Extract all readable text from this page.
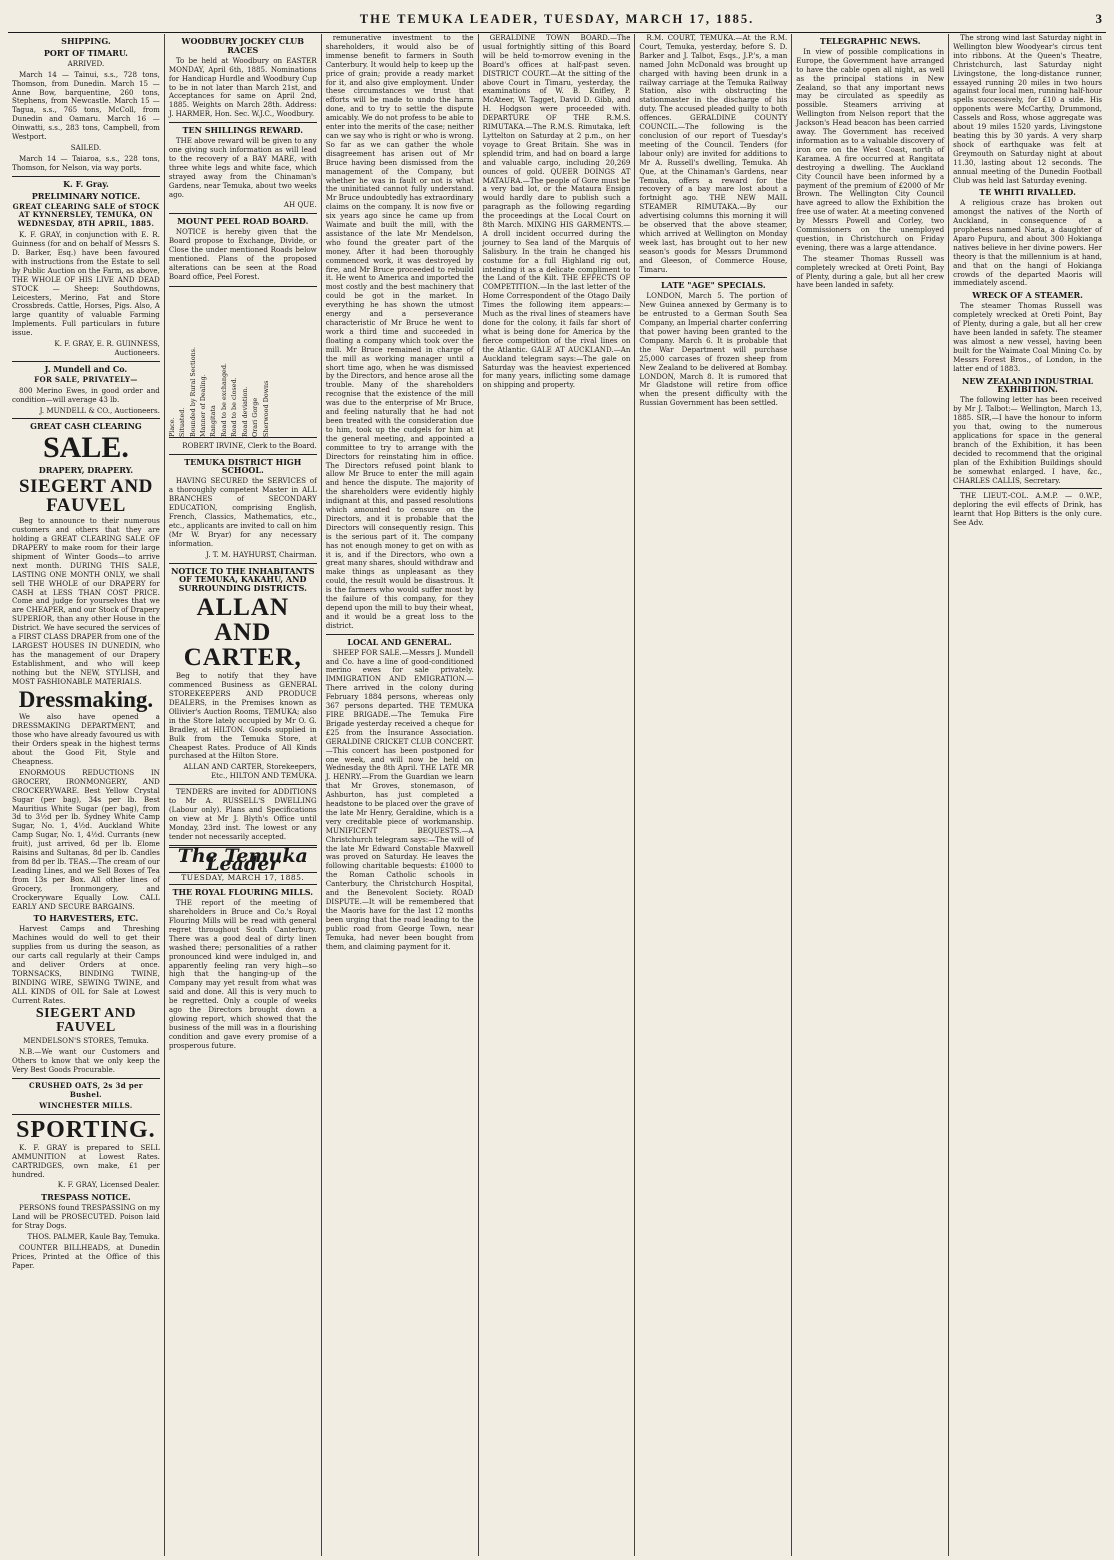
THE TEMUKA LEADER, TUESDAY, MARCH 17, 1885.	3
SHIPPING.
PORT OF TIMARU.

ARRIVED.

March 14 — Tainui, s.s., 728 tons, Thomson, from Dunedin. March 15 — Anne Bow, barquentine, 260 tons, Stephens, from Newcastle. March 15 — Tagua, s.s., 765 tons, McColl, from Dunedin and Oamaru. March 16 — Oinwatti, s.s., 283 tons, Campbell, from Westport.

SAILED.

March 14 — Taiaroa, s.s., 228 tons, Thomson, for Nelson, via way ports.

K. F. Gray.
PRELIMINARY NOTICE.

GREAT CLEARING SALE of STOCK AT KYNNERSLEY, TEMUKA, ON WEDNESDAY, 8TH APRIL, 1885.

K. F. GRAY, in conjunction with E. R. Guinness (for and on behalf of Messrs S. D. Barker, Esq.) have been favoured with instructions from the Estate to sell by Public Auction on the Farm, as above, THE WHOLE OF HIS LIVE AND DEAD STOCK — Sheep: Southdowns, Leicesters, Merino, Fat and Store Crossbreds. Cattle, Horses, Pigs. Also, A large quantity of valuable Farming Implements. Full particulars in future issue.

K. F. GRAY, E. R. GUINNESS, Auctioneers.

J. Mundell and Co.

FOR SALE, PRIVATELY—

800 Merino Ewes, in good order and condition—will average 43 lb.

J. MUNDELL & CO., Auctioneers.

GREAT CASH CLEARING
SALE.
DRAPERY, DRAPERY.
SIEGERT AND FAUVEL

Beg to announce to their numerous customers and others that they are holding a GREAT CLEARING SALE OF DRAPERY to make room for their large shipment of Winter Goods—to arrive next month. DURING THIS SALE, LASTING ONE MONTH ONLY, we shall sell THE WHOLE of our DRAPERY for CASH at LESS THAN COST PRICE. Come and judge for yourselves that we are CHEAPER, and our Stock of Drapery SUPERIOR, than any other House in the District. We have secured the services of a FIRST CLASS DRAPER from one of the LARGEST HOUSES IN DUNEDIN, who has the management of our Drapery Establishment, and who will keep nothing but the NEW, STYLISH, and MOST FASHIONABLE MATERIALS.

Dressmaking.

We also have opened a DRESSMAKING DEPARTMENT, and those who have already favoured us with their Orders speak in the highest terms about the Good Fit, Style and Cheapness.

ENORMOUS REDUCTIONS IN GROCERY, IRONMONGERY, AND CROCKERYWARE. Best Yellow Crystal Sugar (per bag), 34s per lb. Best Mauritius White Sugar (per bag), from 3d to 3½d per lb. Sydney White Camp Sugar, No. 1, 4½d. Auckland White Camp Sugar, No. 1, 4½d. Currants (new fruit), just arrived, 6d per lb. Elome Raisins and Sultanas, 8d per lb. Candles from 8d per lb. TEAS.—The cream of our Leading Lines, and we Sell Boxes of Tea from 13s per Box. All other lines of Grocery, Ironmongery, and Crockeryware Equally Low. CALL EARLY AND SECURE BARGAINS.

TO HARVESTERS, ETC.

Harvest Camps and Threshing Machines would do well to get their supplies from us during the season, as our carts call regularly at their Camps and deliver Orders at once. TORNSACKS, BINDING TWINE, BINDING WIRE, SEWING TWINE, and ALL KINDS of OIL for Sale at Lowest Current Rates.

SIEGERT AND FAUVEL

MENDELSON'S STORES, Temuka.

N.B.—We want our Customers and Others to know that we only keep the Very Best Goods Procurable.

CRUSHED OATS, 2s 3d per Bushel.

WINCHESTER MILLS.

SPORTING.

K. F. GRAY is prepared to SELL AMMUNITION at Lowest Rates. CARTRIDGES, own make, £1 per hundred.

K. F. GRAY, Licensed Dealer.

TRESPASS NOTICE.

PERSONS found TRESPASSING on my Land will be PROSECUTED. Poison laid for Stray Dogs.

THOS. PALMER, Kaule Bay, Temuka.

COUNTER BILLHEADS, at Dunedin Prices, Printed at the Office of this Paper.

WOODBURY JOCKEY CLUB RACES

To be held at Woodbury on EASTER MONDAY, April 6th, 1885. Nominations for Handicap Hurdle and Woodbury Cup to be in not later than March 21st, and Acceptances for same on April 2nd, 1885. Weights on March 28th. Address: J. HARMER, Hon. Sec. W.J.C., Woodbury.

TEN SHILLINGS REWARD.

THE above reward will be given to any one giving such information as will lead to the recovery of a BAY MARE, with three white legs and white face, which strayed away from the Chinaman's Gardens, near Temuka, about two weeks ago.

AH QUE.

MOUNT PEEL ROAD BOARD.

NOTICE is hereby given that the Board propose to Exchange, Divide, or Close the under mentioned Roads below mentioned. Plans of the proposed alterations can be seen at the Road Board office, Peel Forest.

Place. Situated. Bounded by Rural Sections. Manner of Dealing. Rangitata Road to be exchanged. Road to be closed. Road deviation. Orari Gorge Sherwood Downs

ROBERT IRVINE, Clerk to the Board.

TEMUKA DISTRICT HIGH SCHOOL.

HAVING SECURED the SERVICES of a thoroughly competent Master in ALL BRANCHES of SECONDARY EDUCATION, comprising English, French, Classics, Mathematics, etc., etc., applicants are invited to call on him (Mr W. Bryar) for any necessary information.

J. T. M. HAYHURST, Chairman.

NOTICE TO THE INHABITANTS OF TEMUKA, KAKAHU, AND SURROUNDING DISTRICTS.
ALLAN AND CARTER,

Beg to notify that they have commenced Business as GENERAL STOREKEEPERS AND PRODUCE DEALERS, in the Premises known as Ollivier's Auction Rooms, TEMUKA; also in the Store lately occupied by Mr O. G. Bradley, at HILTON. Goods supplied in Bulk from the Temuka Store, at Cheapest Rates. Produce of All Kinds purchased at the Hilton Store.

ALLAN AND CARTER, Storekeepers, Etc., HILTON AND TEMUKA.

TENDERS are invited for ADDITIONS to Mr A. RUSSELL'S DWELLING (Labour only). Plans and Specifications on view at Mr J. Blyth's Office until Monday, 23rd inst. The lowest or any tender not necessarily accepted.

The Temuka Leader
TUESDAY, MARCH 17, 1885.
THE ROYAL FLOURING MILLS.

THE report of the meeting of shareholders in Bruce and Co.'s Royal Flouring Mills will be read with general regret throughout South Canterbury. There was a good deal of dirty linen washed there; personalities of a rather pronounced kind were indulged in, and apparently feeling ran very high—so high that the hanging-up of the Company may yet result from what was said and done. All this is very much to be regretted. Only a couple of weeks ago the Directors brought down a glowing report, which showed that the business of the mill was in a flourishing condition and gave every promise of a prosperous future.

remunerative investment to the shareholders, it would also be of immense benefit to farmers in South Canterbury. It would help to keep up the price of grain; provide a ready market for it, and also give employment. Under these circumstances we trust that efforts will be made to undo the harm done, and to try to settle the dispute amicably. We do not profess to be able to enter into the merits of the case; neither can we say who is right or who is wrong. So far as we can gather the whole disagreement has arisen out of Mr Bruce having been dismissed from the management of the Company, but whether he was in fault or not is what the uninitiated cannot fully understand. Mr Bruce undoubtedly has extraordinary claims on the company. It is now five or six years ago since he came up from Waimate and built the mill, with the assistance of the late Mr Mendelson, who found the greater part of the money. After it had been thoroughly commenced work, it was destroyed by fire, and Mr Bruce proceeded to rebuild it. He went to America and imported the most costly and the best machinery that could be got in the market. In everything he has shown the utmost energy and a perseverance characteristic of Mr Bruce he went to work a third time and succeeded in floating a company which took over the mill. Mr Bruce remained in charge of the mill as working manager until a short time ago, when he was dismissed by the Directors, and hence arose all the trouble. Many of the shareholders recognise that the existence of the mill was due to the enterprise of Mr Bruce, and feeling naturally that he had not been treated with the consideration due to him, took up the cudgels for him at the general meeting, and appointed a committee to try to arrange with the Directors for reinstating him in office. The Directors refused point blank to allow Mr Bruce to enter the mill again and hence the dispute. The majority of the shareholders were evidently highly indignant at this, and passed resolutions which amounted to censure on the Directors, and it is probable that the Directors will consequently resign. This is the serious part of it. The company has not enough money to get on with as it is, and if the Directors, who own a great many shares, should withdraw and make things as unpleasant as they could, the result would be disastrous. It is the farmers who would suffer most by the failure of this company, for they depend upon the mill to buy their wheat, and it would be a great loss to the district.

LOCAL AND GENERAL.

SHEEP FOR SALE.—Messrs J. Mundell and Co. have a line of good-conditioned merino ewes for sale privately. IMMIGRATION AND EMIGRATION.—There arrived in the colony during February 1884 persons, whereas only 367 persons departed. THE TEMUKA FIRE BRIGADE.—The Temuka Fire Brigade yesterday received a cheque for £25 from the Insurance Association. GERALDINE CRICKET CLUB CONCERT.—This concert has been postponed for one week, and will now be held on Wednesday the 8th April. THE LATE MR J. HENRY.—From the Guardian we learn that Mr Groves, stonemason, of Ashburton, has just completed a headstone to be placed over the grave of the late Mr Henry, Geraldine, which is a very creditable piece of workmanship. MUNIFICENT BEQUESTS.—A Christchurch telegram says:—The will of the late Mr Edward Constable Maxwell was proved on Saturday. He leaves the following charitable bequests: £1000 to the Roman Catholic schools in Canterbury, the Christchurch Hospital, and the Benevolent Society. ROAD DISPUTE.—It will be remembered that the Maoris have for the last 12 months been urging that the road leading to the public road from George Town, near Temuka, had never been bought from them, and claiming payment for it.

GERALDINE TOWN BOARD.—The usual fortnightly sitting of this Board will be held to-morrow evening in the Board's offices at half-past seven. DISTRICT COURT.—At the sitting of the above Court in Timaru, yesterday, the examinations of W. B. Knifley, P. McAteer, W. Tagget, David D. Gibb, and H. Hodgson were proceeded with. DEPARTURE OF THE R.M.S. RIMUTAKA.—The R.M.S. Rimutaka, left Lyttelton on Saturday at 2 p.m., on her voyage to Great Britain. She was in splendid trim, and had on board a large and valuable cargo, including 20,269 ounces of gold. QUEER DOINGS AT MATAURA.—The people of Gore must be a very bad lot, or the Mataura Ensign would hardly dare to publish such a paragraph as the following regarding the proceedings at the Local Court on 8th March. MIXING HIS GARMENTS.—A droll incident occurred during the journey to Sea land of the Marquis of Salisbury. In the train he changed his costume for a full Highland rig out, intending it as a delicate compliment to the Land of the Kilt. THE EFFECTS OF COMPETITION.—In the last letter of the Home Correspondent of the Otago Daily Times the following item appears:—Much as the rival lines of steamers have done for the colony, it fails far short of what is being done for America by the fierce competition of the rival lines on the Atlantic. GALE AT AUCKLAND.—An Auckland telegram says:—The gale on Saturday was the heaviest experienced for many years, inflicting some damage on shipping and property.

R.M. COURT, TEMUKA.—At the R.M. Court, Temuka, yesterday, before S. D. Barker and J. Talbot, Esqs., J.P.'s, a man named John McDonald was brought up charged with having been drunk in a railway carriage at the Temuka Railway Station, also with obstructing the stationmaster in the discharge of his duty. The accused pleaded guilty to both offences. GERALDINE COUNTY COUNCIL.—The following is the conclusion of our report of Tuesday's meeting of the Council. Tenders (for labour only) are invited for additions to Mr A. Russell's dwelling, Temuka. Ah Que, at the Chinaman's Gardens, near Temuka, offers a reward for the recovery of a bay mare lost about a fortnight ago. THE NEW MAIL STEAMER RIMUTAKA.—By our advertising columns this morning it will be observed that the above steamer, which arrived at Wellington on Monday week last, has brought out to her new season's goods for Messrs Drummond and Gleeson, of Commerce House, Timaru.

LATE "AGE" SPECIALS.

LONDON, March 5. The portion of New Guinea annexed by Germany is to be entrusted to a German South Sea Company, an Imperial charter conferring that power having been granted to the Company. March 6. It is probable that the War Department will purchase 25,000 carcases of frozen sheep from New Zealand to be delivered at Bombay. LONDON, March 8. It is rumored that Mr Gladstone will retire from office when the present difficulty with the Russian Government has been settled.

TELEGRAPHIC NEWS.

In view of possible complications in Europe, the Government have arranged to have the cable open all night, as well as the principal stations in New Zealand, so that any important news may be circulated as speedily as possible. Steamers arriving at Wellington from Nelson report that the Jackson's Head beacon has been carried away. The Government has received information as to a valuable discovery of iron ore on the West Coast, north of Karamea. A fire occurred at Rangitata destroying a dwelling. The Auckland City Council have been informed by a payment of the premium of £2000 of Mr Brown. The Wellington City Council have agreed to allow the Exhibition the free use of water. At a meeting convened by Messrs Powell and Corley, two Commissioners on the unemployed question, in Christchurch on Friday evening, there was a large attendance.

The steamer Thomas Russell was completely wrecked at Oreti Point, Bay of Plenty, during a gale, but all her crew have been landed in safety.

The strong wind last Saturday night in Wellington blew Woodyear's circus tent into ribbons. At the Queen's Theatre, Christchurch, last Saturday night Livingstone, the long-distance runner, essayed running 20 miles in two hours against four local men, running half-hour spells successively, for £10 a side. His opponents were McCarthy, Drummond, Cassels and Ross, whose aggregate was about 19 miles 1520 yards, Livingstone beating this by 30 yards. A very sharp shock of earthquake was felt at Greymouth on Saturday night at about 11.30, lasting about 12 seconds. The annual meeting of the Dunedin Football Club was held last Saturday evening.

TE WHITI RIVALLED.

A religious craze has broken out amongst the natives of the North of Auckland, in consequence of a prophetess named Naria, a daughter of Aparo Pupuru, and about 300 Hokianga natives believe in her divine powers. Her theory is that the millennium is at hand, and that on the hangi of Hokianga crowds of the departed Maoris will immediately ascend.

WRECK OF A STEAMER.

The steamer Thomas Russell was completely wrecked at Oreti Point, Bay of Plenty, during a gale, but all her crew have been landed in safety. The steamer was almost a new vessel, having been built for the Waimate Coal Mining Co. by Messrs Forest Bros., of London, in the latter end of 1883.

NEW ZEALAND INDUSTRIAL EXHIBITION.

The following letter has been received by Mr J. Talbot:— Wellington, March 13, 1885. SIR,—I have the honour to inform you that, owing to the numerous applications for space in the general branch of the Exhibition, it has been decided to recommend that the original plan of the Exhibition Buildings should be somewhat enlarged. I have, &c., CHARLES CALLIS, Secretary.

THE LIEUT.-COL. A.M.P. — 0.W.P., deploring the evil effects of Drink, has learnt that Hop Bitters is the only cure. See Adv.
